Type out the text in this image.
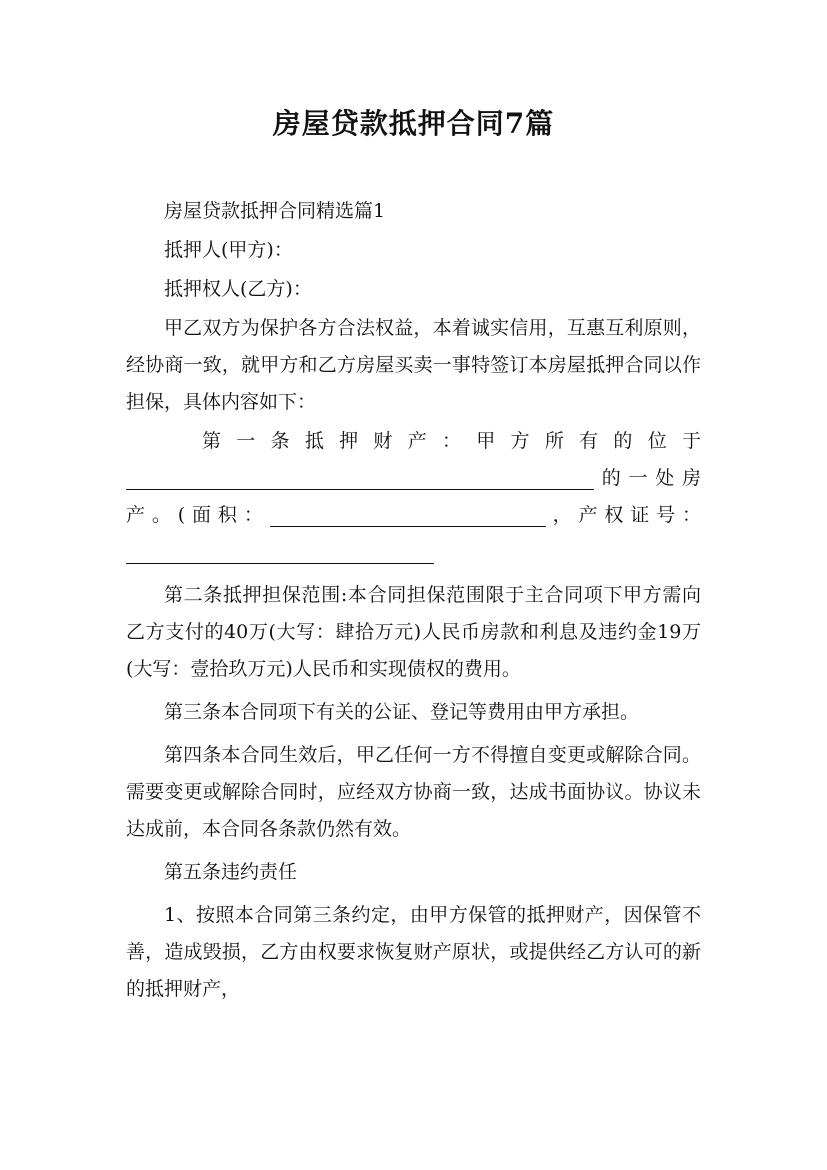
房屋贷款抵押合同7篇

房屋贷款抵押合同精选篇1

抵押人(甲方)：

抵押权人(乙方)：

甲乙双方为保护各方合法权益，本着诚实信用，互惠互利原则，经协商一致，就甲方和乙方房屋买卖一事特签订本房屋抵押合同以作担保，具体内容如下：

第一条抵押财产：甲方所有的位于
的一处房
产。(面积：	，产权证号：

第二条抵押担保范围:本合同担保范围限于主合同项下甲方需向乙方支付的40万(大写：肆拾万元)人民币房款和利息及违约金19万(大写：壹拾玖万元)人民币和实现债权的费用。

第三条本合同项下有关的公证、登记等费用由甲方承担。

第四条本合同生效后，甲乙任何一方不得擅自变更或解除合同。需要变更或解除合同时，应经双方协商一致，达成书面协议。协议未达成前，本合同各条款仍然有效。

第五条违约责任

1、按照本合同第三条约定，由甲方保管的抵押财产，因保管不善，造成毁损，乙方由权要求恢复财产原状，或提供经乙方认可的新的抵押财产，
